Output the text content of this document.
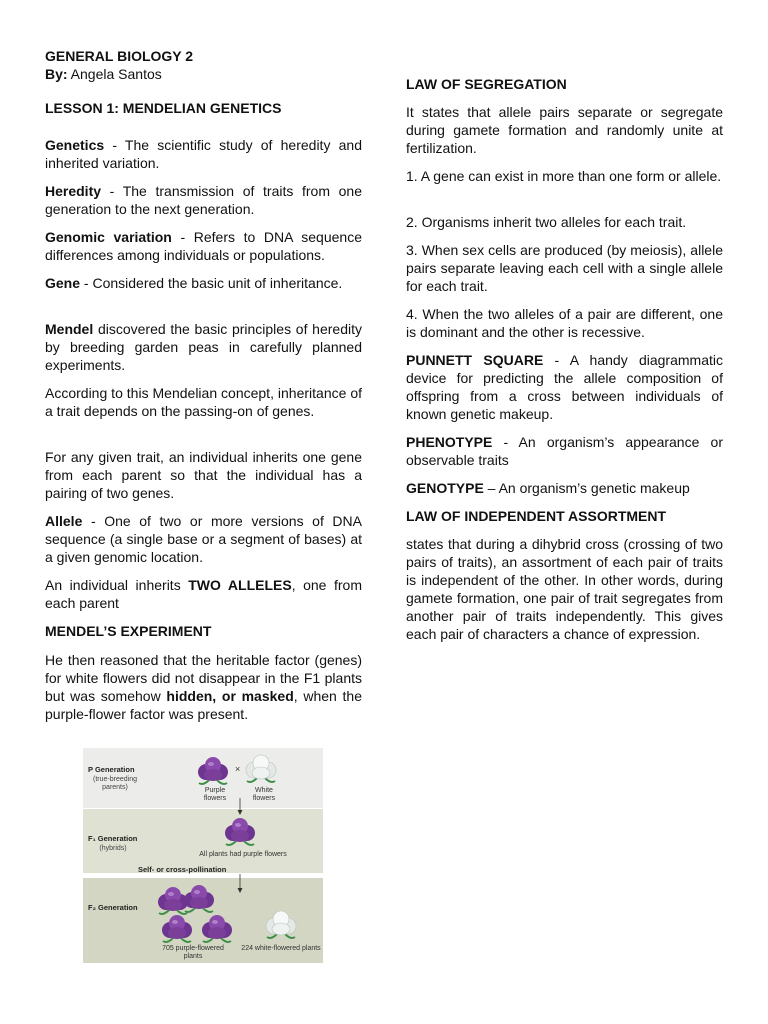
GENERAL BIOLOGY 2

By: Angela Santos

LESSON 1: MENDELIAN GENETICS

Genetics - The scientific study of heredity and inherited variation.

Heredity - The transmission of traits from one generation to the next generation.

Genomic variation - Refers to DNA sequence differences among individuals or populations.

Gene - Considered the basic unit of inheritance.

Mendel discovered the basic principles of heredity by breeding garden peas in carefully planned experiments.

According to this Mendelian concept, inheritance of a trait depends on the passing-on of genes.

For any given trait, an individual inherits one gene from each parent so that the individual has a pairing of two genes.

Allele - One of two or more versions of DNA sequence (a single base or a segment of bases) at a given genomic location.

An individual inherits TWO ALLELES, one from each parent

MENDEL’S EXPERIMENT

He then reasoned that the heritable factor (genes) for white flowers did not disappear in the F1 plants but was somehow hidden, or masked, when the purple-flower factor was present.

P Generation
(true-breeding parents)
×
Purple flowers
White flowers
F₁ Generation
(hybrids)
All plants had purple flowers
Self- or cross-pollination
F₂ Generation
705 purple-flowered plants
224 white-flowered plants

LAW OF SEGREGATION

It states that allele pairs separate or segregate during gamete formation and randomly unite at fertilization.

1. A gene can exist in more than one form or allele.

2. Organisms inherit two alleles for each trait.

3. When sex cells are produced (by meiosis), allele pairs separate leaving each cell with a single allele for each trait.

4. When the two alleles of a pair are different, one is dominant and the other is recessive.

PUNNETT SQUARE - A handy diagrammatic device for predicting the allele composition of offspring from a cross between individuals of known genetic makeup.

PHENOTYPE - An organism’s appearance or observable traits

GENOTYPE – An organism’s genetic makeup

LAW OF INDEPENDENT ASSORTMENT

states that during a dihybrid cross (crossing of two pairs of traits), an assortment of each pair of traits is independent of the other. In other words, during gamete formation, one pair of trait segregates from another pair of traits independently. This gives each pair of characters a chance of expression.
